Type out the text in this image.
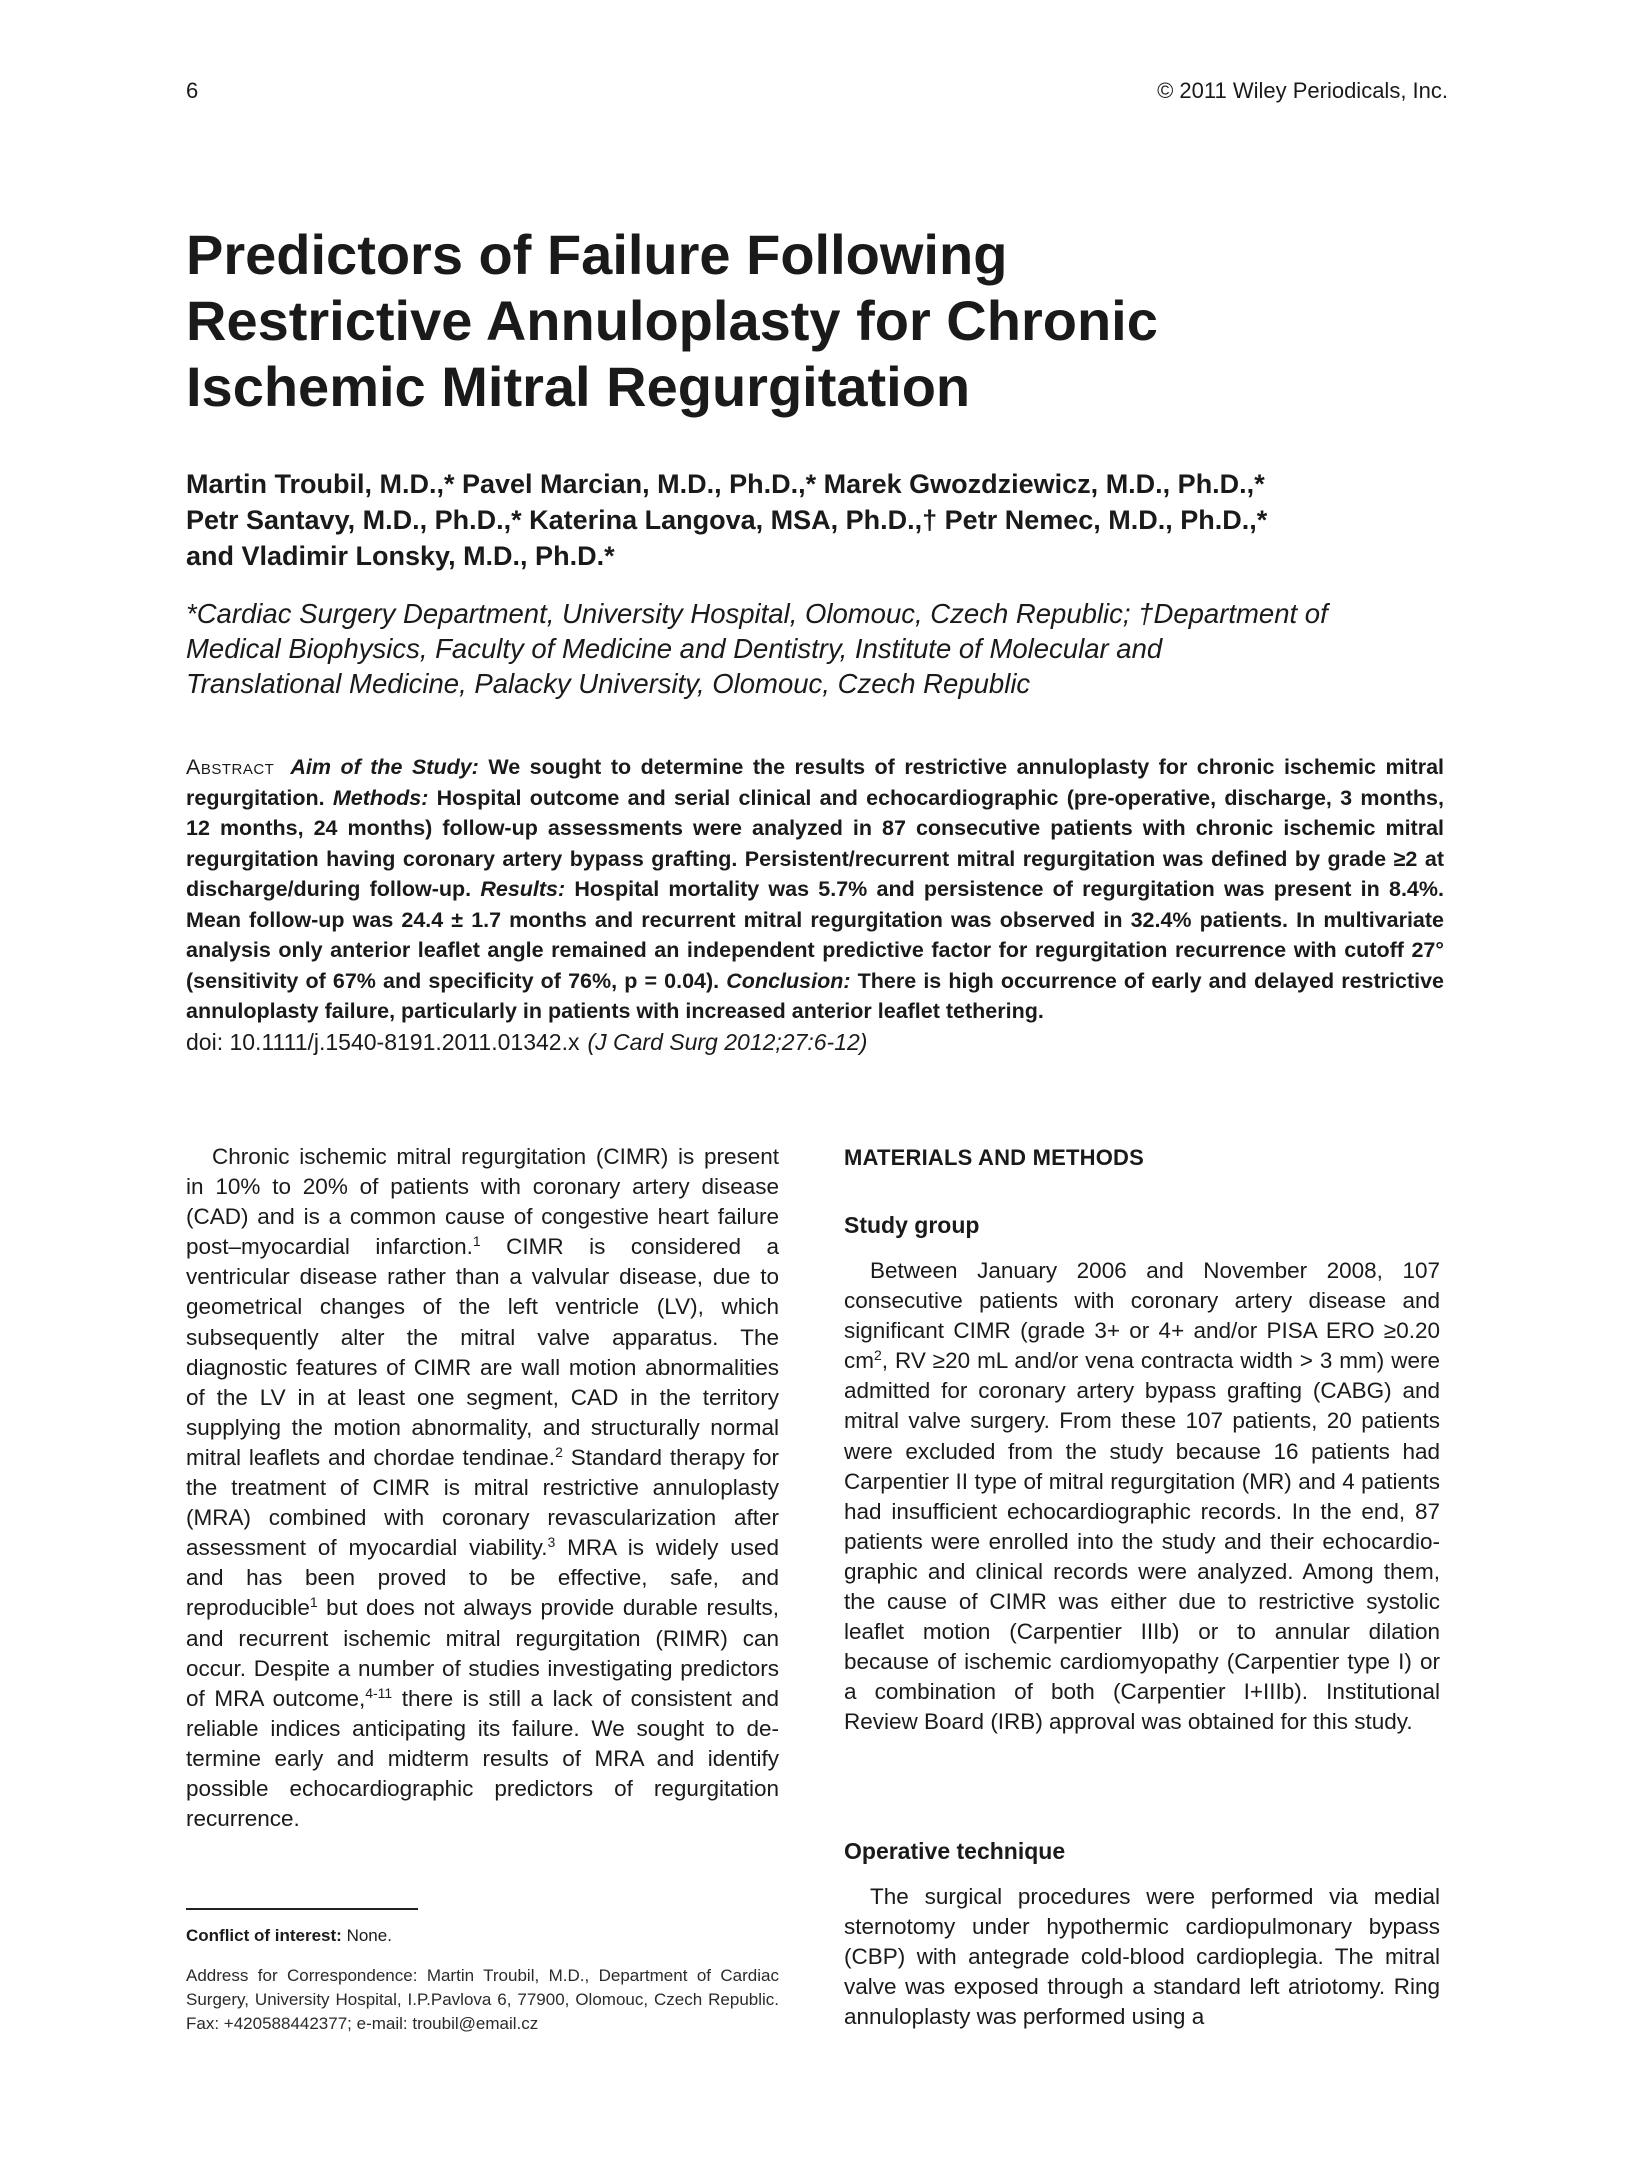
6	© 2011 Wiley Periodicals, Inc.
Predictors of Failure Following
Restrictive Annuloplasty for Chronic
Ischemic Mitral Regurgitation
Martin Troubil, M.D.,* Pavel Marcian, M.D., Ph.D.,* Marek Gwozdziewicz, M.D., Ph.D.,*
Petr Santavy, M.D., Ph.D.,* Katerina Langova, MSA, Ph.D.,† Petr Nemec, M.D., Ph.D.,*
and Vladimir Lonsky, M.D., Ph.D.*
*Cardiac Surgery Department, University Hospital, Olomouc, Czech Republic; †Department of
Medical Biophysics, Faculty of Medicine and Dentistry, Institute of Molecular and
Translational Medicine, Palacky University, Olomouc, Czech Republic
Abstract Aim of the Study: We sought to determine the results of restrictive annuloplasty for chronic ischemic mitral regurgitation. Methods: Hospital outcome and serial clinical and echocardiographic (pre-operative, discharge, 3 months, 12 months, 24 months) follow-up assessments were analyzed in 87 consecutive patients with chronic ischemic mitral regurgitation having coronary artery bypass grafting. Persistent/recurrent mitral regurgitation was defined by grade ≥2 at discharge/during follow-up. Results: Hospital mortality was 5.7% and persistence of regurgitation was present in 8.4%. Mean follow-up was 24.4 ± 1.7 months and recurrent mitral regurgitation was observed in 32.4% patients. In multivariate analysis only anterior leaflet angle remained an independent predictive factor for regurgitation recurrence with cutoff 27° (sensitivity of 67% and specificity of 76%, p = 0.04). Conclusion: There is high occurrence of early and delayed restrictive annuloplasty failure, particularly in patients with increased anterior leaflet tethering.
doi: 10.1111/j.1540-8191.2011.01342.x (J Card Surg 2012;27:6-12)

Chronic ischemic mitral regurgitation (CIMR) is present in 10% to 20% of patients with coronary artery disease (CAD) and is a common cause of congestive heart failure post–myocardial infarction.$^1$ CIMR is considered a ventricular disease rather than a valvular disease, due to geometrical changes of the left ventricle (LV), which subsequently alter the mitral valve apparatus. The diagnostic features of CIMR are wall motion abnormalities of the LV in at least one segment, CAD in the territory supplying the motion abnormality, and structurally normal mitral leaflets and chordae tendinae.$^2$ Standard therapy for the treatment of CIMR is mitral restrictive annuloplasty (MRA) combined with coronary revascularization after assessment of myocardial viability.$^3$ MRA is widely used and has been proved to be effective, safe, and reproducible$^1$ but does not always provide durable results, and recurrent ischemic mitral regurgitation (RIMR) can occur. Despite a number of studies investigating predictors of MRA outcome,$^{4-11}$ there is still a lack of consistent and reliable indices anticipating its failure. We sought to determine early and midterm results of MRA and identify possible echocardiographic predictors of regurgitation recurrence.

Conflict of interest: None.
Address for Correspondence: Martin Troubil, M.D., Department of Cardiac Surgery, University Hospital, I.P.Pavlova 6, 77900, Olomouc, Czech Republic. Fax: +420588442377; e-mail: troubil@email.cz
MATERIALS AND METHODS
Study group

Between January 2006 and November 2008, 107 consecutive patients with coronary artery disease and significant CIMR (grade 3+ or 4+ and/or PISA ERO ≥0.20 $cm^2$, RV ≥20 mL and/or vena contracta width > 3 mm) were admitted for coronary artery bypass grafting (CABG) and mitral valve surgery. From these 107 patients, 20 patients were excluded from the study because 16 patients had Carpentier II type of mitral regurgitation (MR) and 4 patients had insufficient echocardiographic records. In the end, 87 patients were enrolled into the study and their echocardiographic and clinical records were analyzed. Among them, the cause of CIMR was either due to restrictive systolic leaflet motion (Carpentier IIIb) or to annular dilation because of ischemic cardiomyopathy (Carpentier type I) or a combination of both (Carpentier I+IIIb). Institutional Review Board (IRB) approval was obtained for this study.

Operative technique

The surgical procedures were performed via medial sternotomy under hypothermic cardiopulmonary bypass (CBP) with antegrade cold-blood cardioplegia. The mitral valve was exposed through a standard left atriotomy. Ring annuloplasty was performed using a
